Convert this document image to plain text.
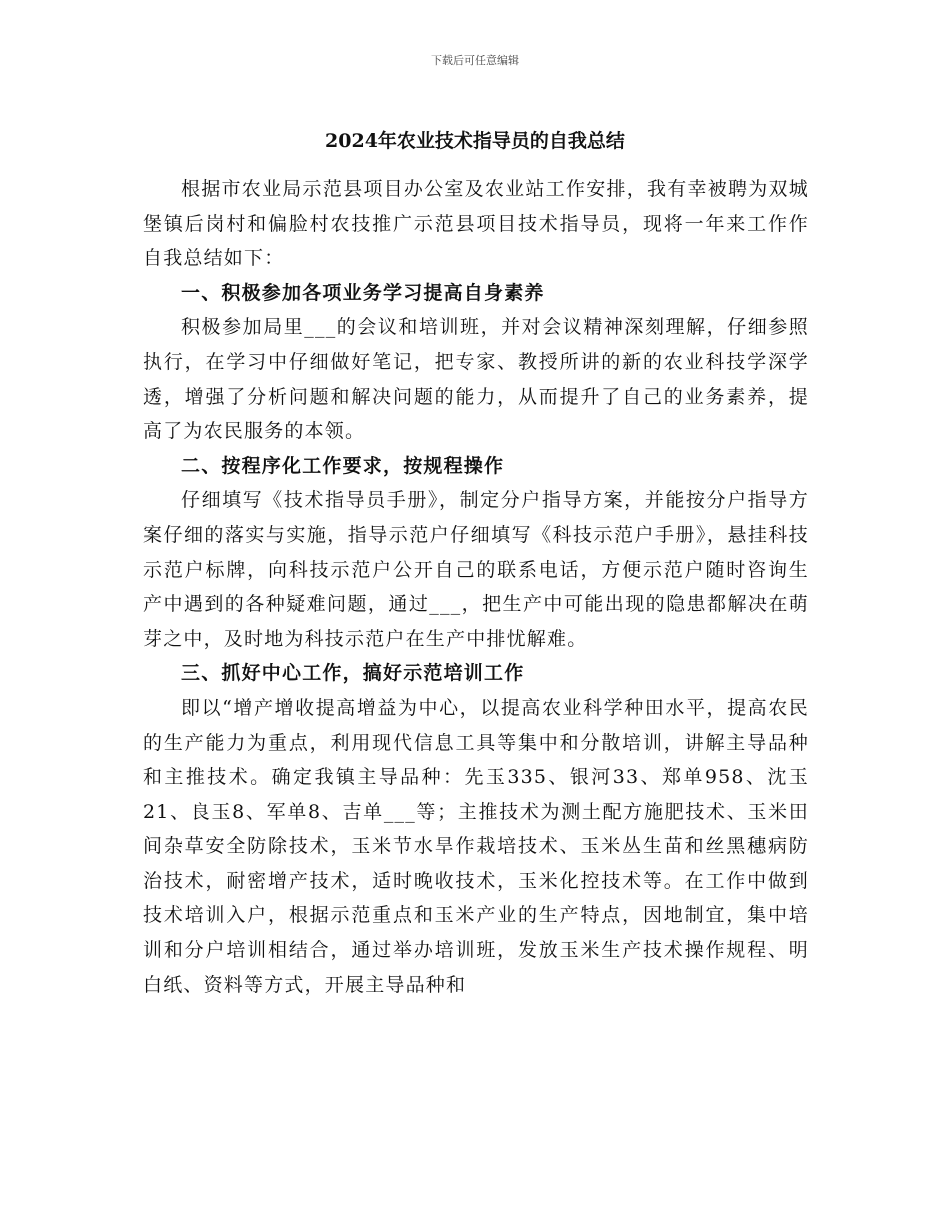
下载后可任意编辑
2024年农业技术指导员的自我总结

根据市农业局示范县项目办公室及农业站工作安排，我有幸被聘为双城堡镇后岗村和偏脸村农技推广示范县项目技术指导员，现将一年来工作作自我总结如下：

一、积极参加各项业务学习提高自身素养

积极参加局里___的会议和培训班，并对会议精神深刻理解，仔细参照执行，在学习中仔细做好笔记，把专家、教授所讲的新的农业科技学深学透，增强了分析问题和解决问题的能力，从而提升了自己的业务素养，提高了为农民服务的本领。

二、按程序化工作要求，按规程操作

仔细填写《技术指导员手册》，制定分户指导方案，并能按分户指导方案仔细的落实与实施，指导示范户仔细填写《科技示范户手册》，悬挂科技示范户标牌，向科技示范户公开自己的联系电话，方便示范户随时咨询生产中遇到的各种疑难问题，通过___，把生产中可能出现的隐患都解决在萌芽之中，及时地为科技示范户在生产中排忧解难。

三、抓好中心工作，搞好示范培训工作

即以“增产增收提高增益为中心，以提高农业科学种田水平，提高农民的生产能力为重点，利用现代信息工具等集中和分散培训，讲解主导品种和主推技术。确定我镇主导品种：先玉335、银河33、郑单958、沈玉21、良玉8、军单8、吉单___等；主推技术为测土配方施肥技术、玉米田间杂草安全防除技术，玉米节水旱作栽培技术、玉米丛生苗和丝黑穗病防治技术，耐密增产技术，适时晚收技术，玉米化控技术等。在工作中做到技术培训入户，根据示范重点和玉米产业的生产特点，因地制宜，集中培训和分户培训相结合，通过举办培训班，发放玉米生产技术操作规程、明白纸、资料等方式，开展主导品种和
